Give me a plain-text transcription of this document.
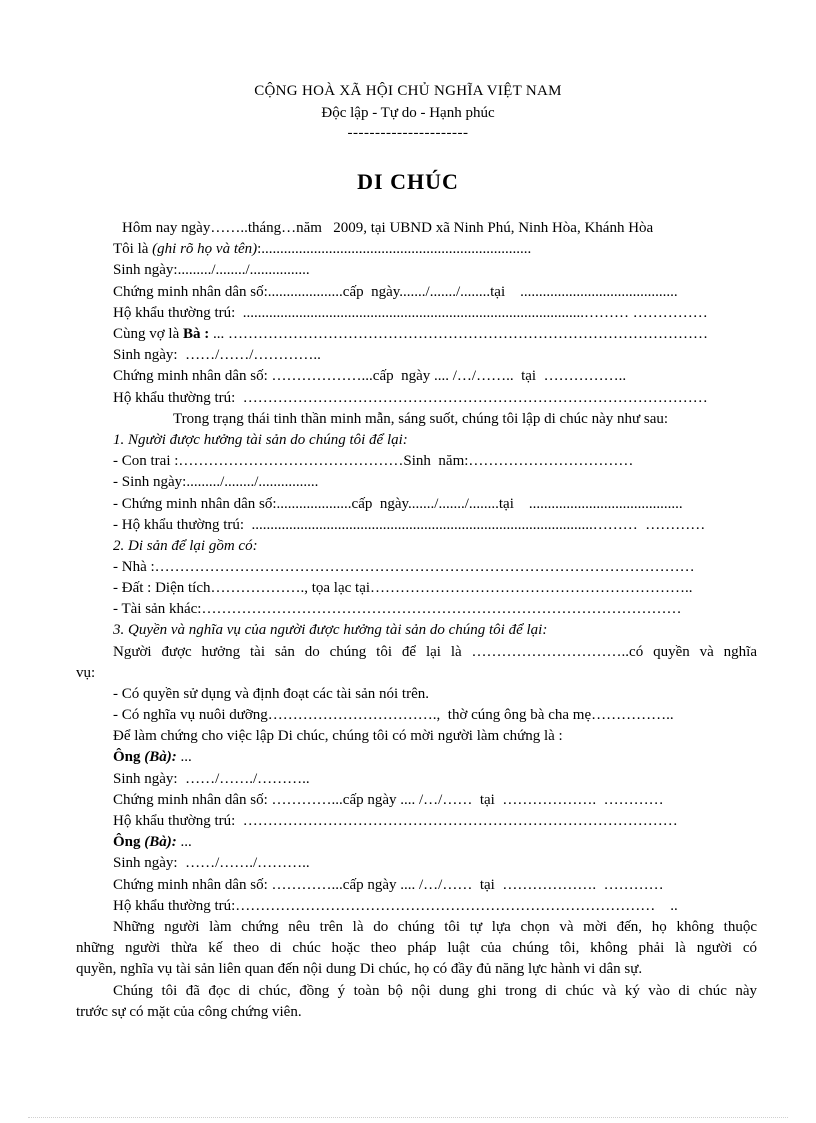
CỘNG HOÀ XÃ HỘI CHỦ NGHĨA VIỆT NAM
Độc lập - Tự do - Hạnh phúc
----------------------
DI CHÚC
Hôm nay ngày……..tháng…năm   2009, tại UBND xã Ninh Phú, Ninh Hòa, Khánh Hòa
Tôi là (ghi rõ họ và tên):........................................................................
Sinh ngày:........./......../................
Chứng minh nhân dân số:....................cấp  ngày......./......./........tại    ..........................................
Hộ khẩu thường trú:  ...........................................................................................……… ……………
Cùng vợ là Bà : ... ……………………………………………………………………………………
Sinh ngày:  ……/……/…………..
Chứng minh nhân dân số: ………………...cấp  ngày .... /…/……..  tại  ……………..
Hộ khẩu thường trú:  …………………………………………………………………………………
Trong trạng thái tinh thần minh mẫn, sáng suốt, chúng tôi lập di chúc này như sau:
1. Người được hưởng tài sản do chúng tôi để lại:
- Con trai :………………………………………Sinh  năm:……………………………
- Sinh ngày:........./......../................
- Chứng minh nhân dân số:....................cấp  ngày......./......./........tại    .........................................
- Hộ khẩu thường trú:  ...........................................................................................………  …………
2. Di sản để lại gồm có:
- Nhà :………………………………………………………………………………………………
- Đất : Diện tích………………., tọa lạc tại………………………………………………………..
- Tài sản khác:……………………………………………………………………………………
3. Quyền và nghĩa vụ của người được hưởng tài sản do chúng tôi để lại:
Người được hưởng tài sản do chúng tôi để lại là …………………………..có quyền và nghĩa
vụ:
- Có quyền sử dụng và định đoạt các tài sản nói trên.
- Có nghĩa vụ nuôi dưỡng…………………………….,  thờ cúng ông bà cha mẹ……………..
Để làm chứng cho việc lập Di chúc, chúng tôi có mời người làm chứng là :
Ông (Bà): ...
Sinh ngày:  ……/……./………..
Chứng minh nhân dân số: …………...cấp ngày .... /…/……  tại  ……………….  …………
Hộ khẩu thường trú:  ……………………………………………………………………………
Ông (Bà): ...
Sinh ngày:  ……/……./………..
Chứng minh nhân dân số: …………...cấp ngày .... /…/……  tại  ……………….  …………
Hộ khẩu thường trú:…………………………………………………………………………    ..
Những người làm chứng nêu trên là do chúng tôi tự lựa chọn và mời đến, họ không thuộc
những người thừa kế theo di chúc hoặc theo pháp luật của chúng tôi, không phải là người có
quyền, nghĩa vụ tài sản liên quan đến nội dung Di chúc, họ có đầy đủ năng lực hành vi dân sự.
Chúng tôi đã đọc di chúc, đồng ý toàn bộ nội dung ghi trong di chúc và ký vào di chúc này
trước sự có mặt của công chứng viên.
